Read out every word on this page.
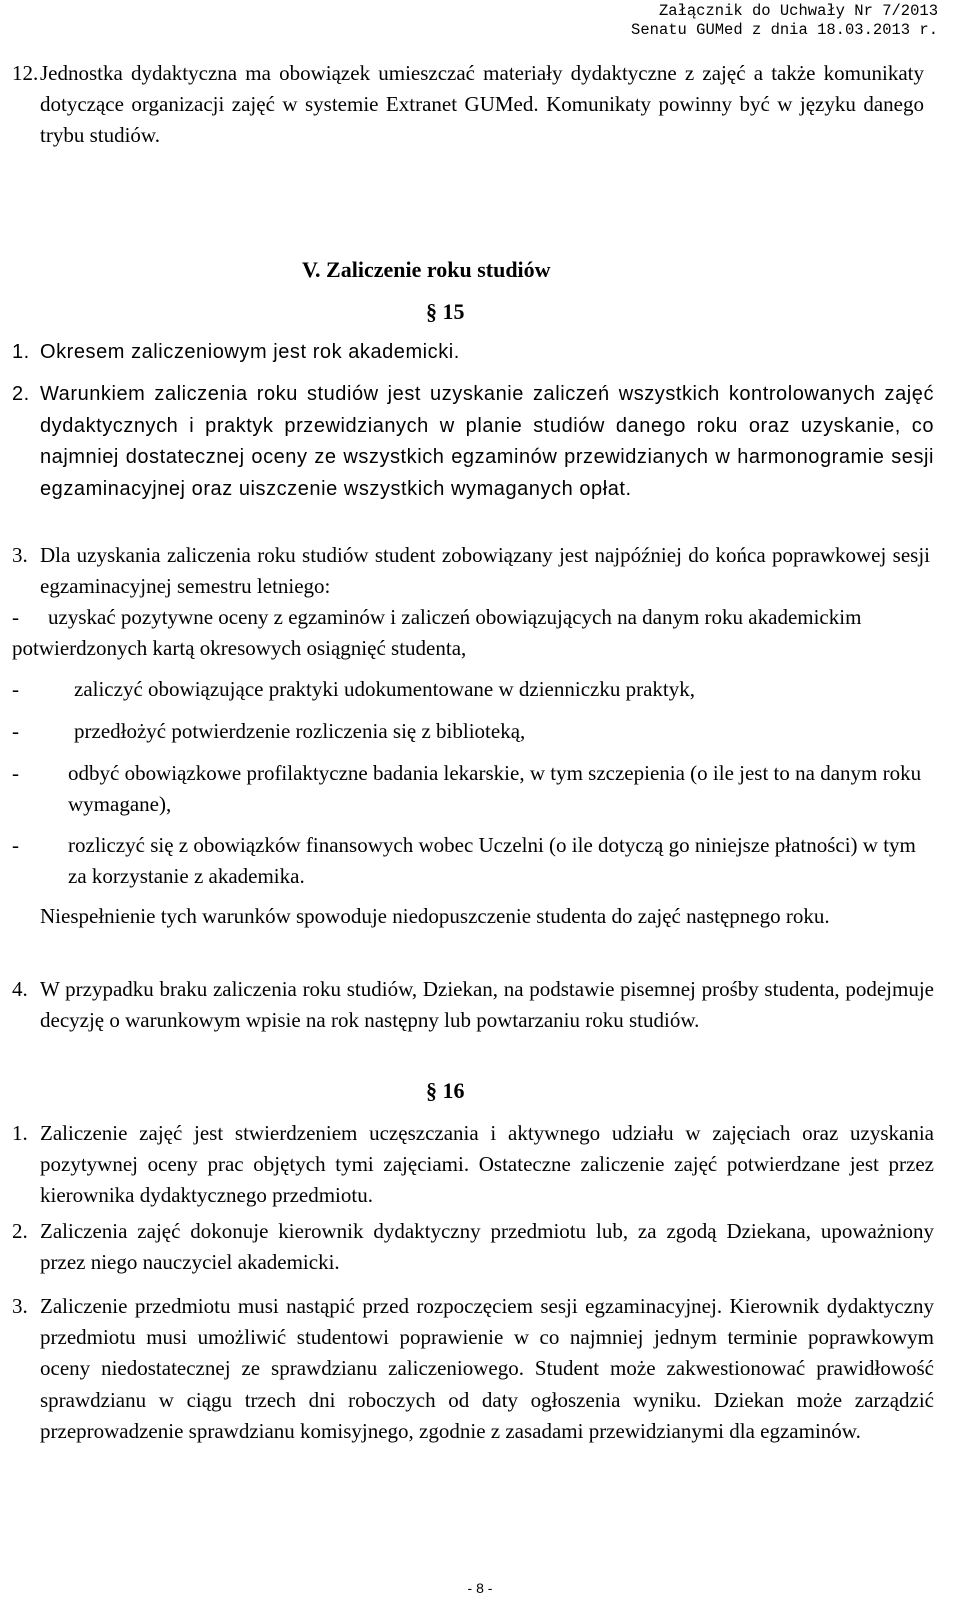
Załącznik do Uchwały Nr 7/2013
Senatu GUMed z dnia 18.03.2013 r.
12. Jednostka dydaktyczna ma obowiązek umieszczać materiały dydaktyczne z zajęć a także komunikaty dotyczące organizacji zajęć w systemie Extranet GUMed. Komunikaty powinny być w języku danego trybu studiów.
V. Zaliczenie roku studiów
§ 15
1. Okresem zaliczeniowym jest rok akademicki.
2. Warunkiem zaliczenia roku studiów jest uzyskanie zaliczeń wszystkich kontrolowanych zajęć dydaktycznych i praktyk przewidzianych w planie studiów danego roku oraz uzyskanie, co najmniej dostatecznej oceny ze wszystkich egzaminów przewidzianych w harmonogramie sesji egzaminacyjnej oraz uiszczenie wszystkich wymaganych opłat.
3. Dla uzyskania zaliczenia roku studiów student zobowiązany jest najpóźniej do końca poprawkowej sesji egzaminacyjnej semestru letniego:
-	uzyskać pozytywne oceny z egzaminów i zaliczeń obowiązujących na danym roku akademickim potwierdzonych kartą okresowych osiągnięć studenta,
-	zaliczyć obowiązujące praktyki udokumentowane w dzienniczku praktyk,
-	przedłożyć potwierdzenie rozliczenia się z biblioteką,
- odbyć obowiązkowe profilaktyczne badania lekarskie, w tym szczepienia (o ile jest to na danym roku wymagane),
- rozliczyć się z obowiązków finansowych wobec Uczelni (o ile dotyczą go niniejsze płatności) w tym za korzystanie z akademika.
Niespełnienie tych warunków spowoduje niedopuszczenie studenta do zajęć następnego roku.
4. W przypadku braku zaliczenia roku studiów, Dziekan, na podstawie pisemnej prośby studenta, podejmuje decyzję o warunkowym wpisie na rok następny lub powtarzaniu roku studiów.
§ 16
1. Zaliczenie zajęć jest stwierdzeniem uczęszczania i aktywnego udziału w zajęciach oraz uzyskania pozytywnej oceny prac objętych tymi zajęciami. Ostateczne zaliczenie zajęć potwierdzane jest przez kierownika dydaktycznego przedmiotu.
2. Zaliczenia zajęć dokonuje kierownik dydaktyczny przedmiotu lub, za zgodą Dziekana, upoważniony przez niego nauczyciel akademicki.
3. Zaliczenie przedmiotu musi nastąpić przed rozpoczęciem sesji egzaminacyjnej. Kierownik dydaktyczny przedmiotu musi umożliwić studentowi poprawienie w co najmniej jednym terminie poprawkowym oceny niedostatecznej ze sprawdzianu zaliczeniowego. Student może zakwestionować prawidłowość sprawdzianu w ciągu trzech dni roboczych od daty ogłoszenia wyniku. Dziekan może zarządzić przeprowadzenie sprawdzianu komisyjnego, zgodnie z zasadami przewidzianymi dla egzaminów.
- 8 -
